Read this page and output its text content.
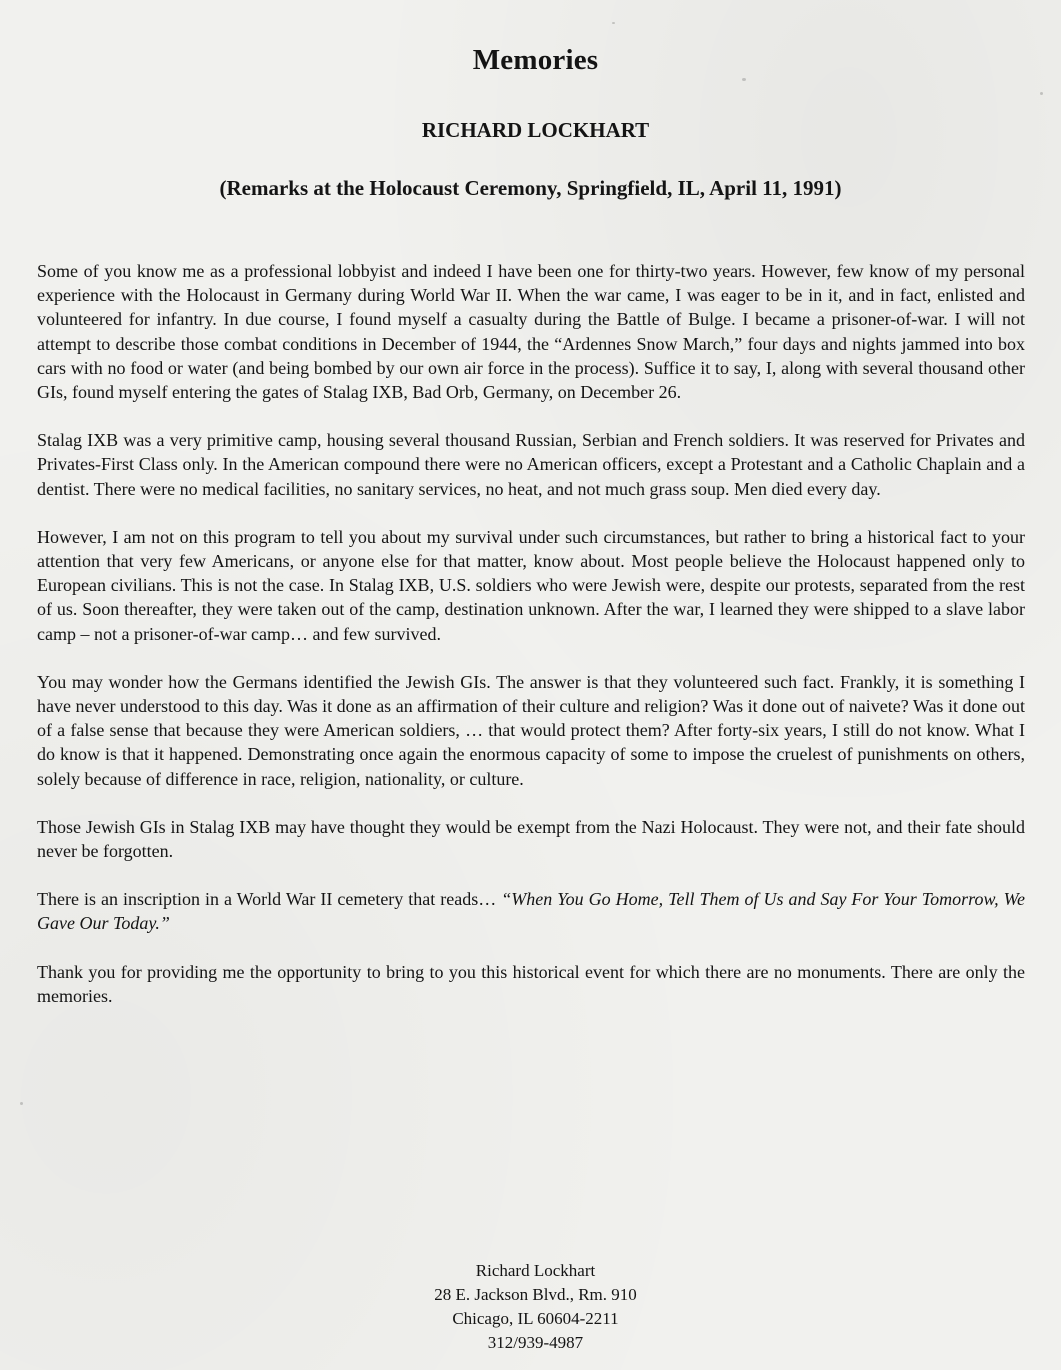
Memories
RICHARD LOCKHART
(Remarks at the Holocaust Ceremony, Springfield, IL, April 11, 1991)

Some of you know me as a professional lobbyist and indeed I have been one for thirty-two years. However, few know of my personal experience with the Holocaust in Germany during World War II. When the war came, I was eager to be in it, and in fact, enlisted and volunteered for infantry. In due course, I found myself a casualty during the Battle of Bulge. I became a prisoner-of-war. I will not attempt to describe those combat conditions in December of 1944, the “Ardennes Snow March,” four days and nights jammed into box cars with no food or water (and being bombed by our own air force in the process). Suffice it to say, I, along with several thousand other GIs, found myself entering the gates of Stalag IXB, Bad Orb, Germany, on December 26.

Stalag IXB was a very primitive camp, housing several thousand Russian, Serbian and French soldiers. It was reserved for Privates and Privates-First Class only. In the American compound there were no American officers, except a Protestant and a Catholic Chaplain and a dentist. There were no medical facilities, no sanitary services, no heat, and not much grass soup. Men died every day.

However, I am not on this program to tell you about my survival under such circumstances, but rather to bring a historical fact to your attention that very few Americans, or anyone else for that matter, know about. Most people believe the Holocaust happened only to European civilians. This is not the case. In Stalag IXB, U.S. soldiers who were Jewish were, despite our protests, separated from the rest of us. Soon thereafter, they were taken out of the camp, destination unknown. After the war, I learned they were shipped to a slave labor camp – not a prisoner-of-war camp… and few survived.

You may wonder how the Germans identified the Jewish GIs. The answer is that they volunteered such fact. Frankly, it is something I have never understood to this day. Was it done as an affirmation of their culture and religion? Was it done out of naivete? Was it done out of a false sense that because they were American soldiers, … that would protect them? After forty-six years, I still do not know. What I do know is that it happened. Demonstrating once again the enormous capacity of some to impose the cruelest of punishments on others, solely because of difference in race, religion, nationality, or culture.

Those Jewish GIs in Stalag IXB may have thought they would be exempt from the Nazi Holocaust. They were not, and their fate should never be forgotten.

There is an inscription in a World War II cemetery that reads… “When You Go Home, Tell Them of Us and Say For Your Tomorrow, We Gave Our Today.”

Thank you for providing me the opportunity to bring to you this historical event for which there are no monuments. There are only the memories.

Richard Lockhart
28 E. Jackson Blvd., Rm. 910
Chicago, IL 60604-2211
312/939-4987
